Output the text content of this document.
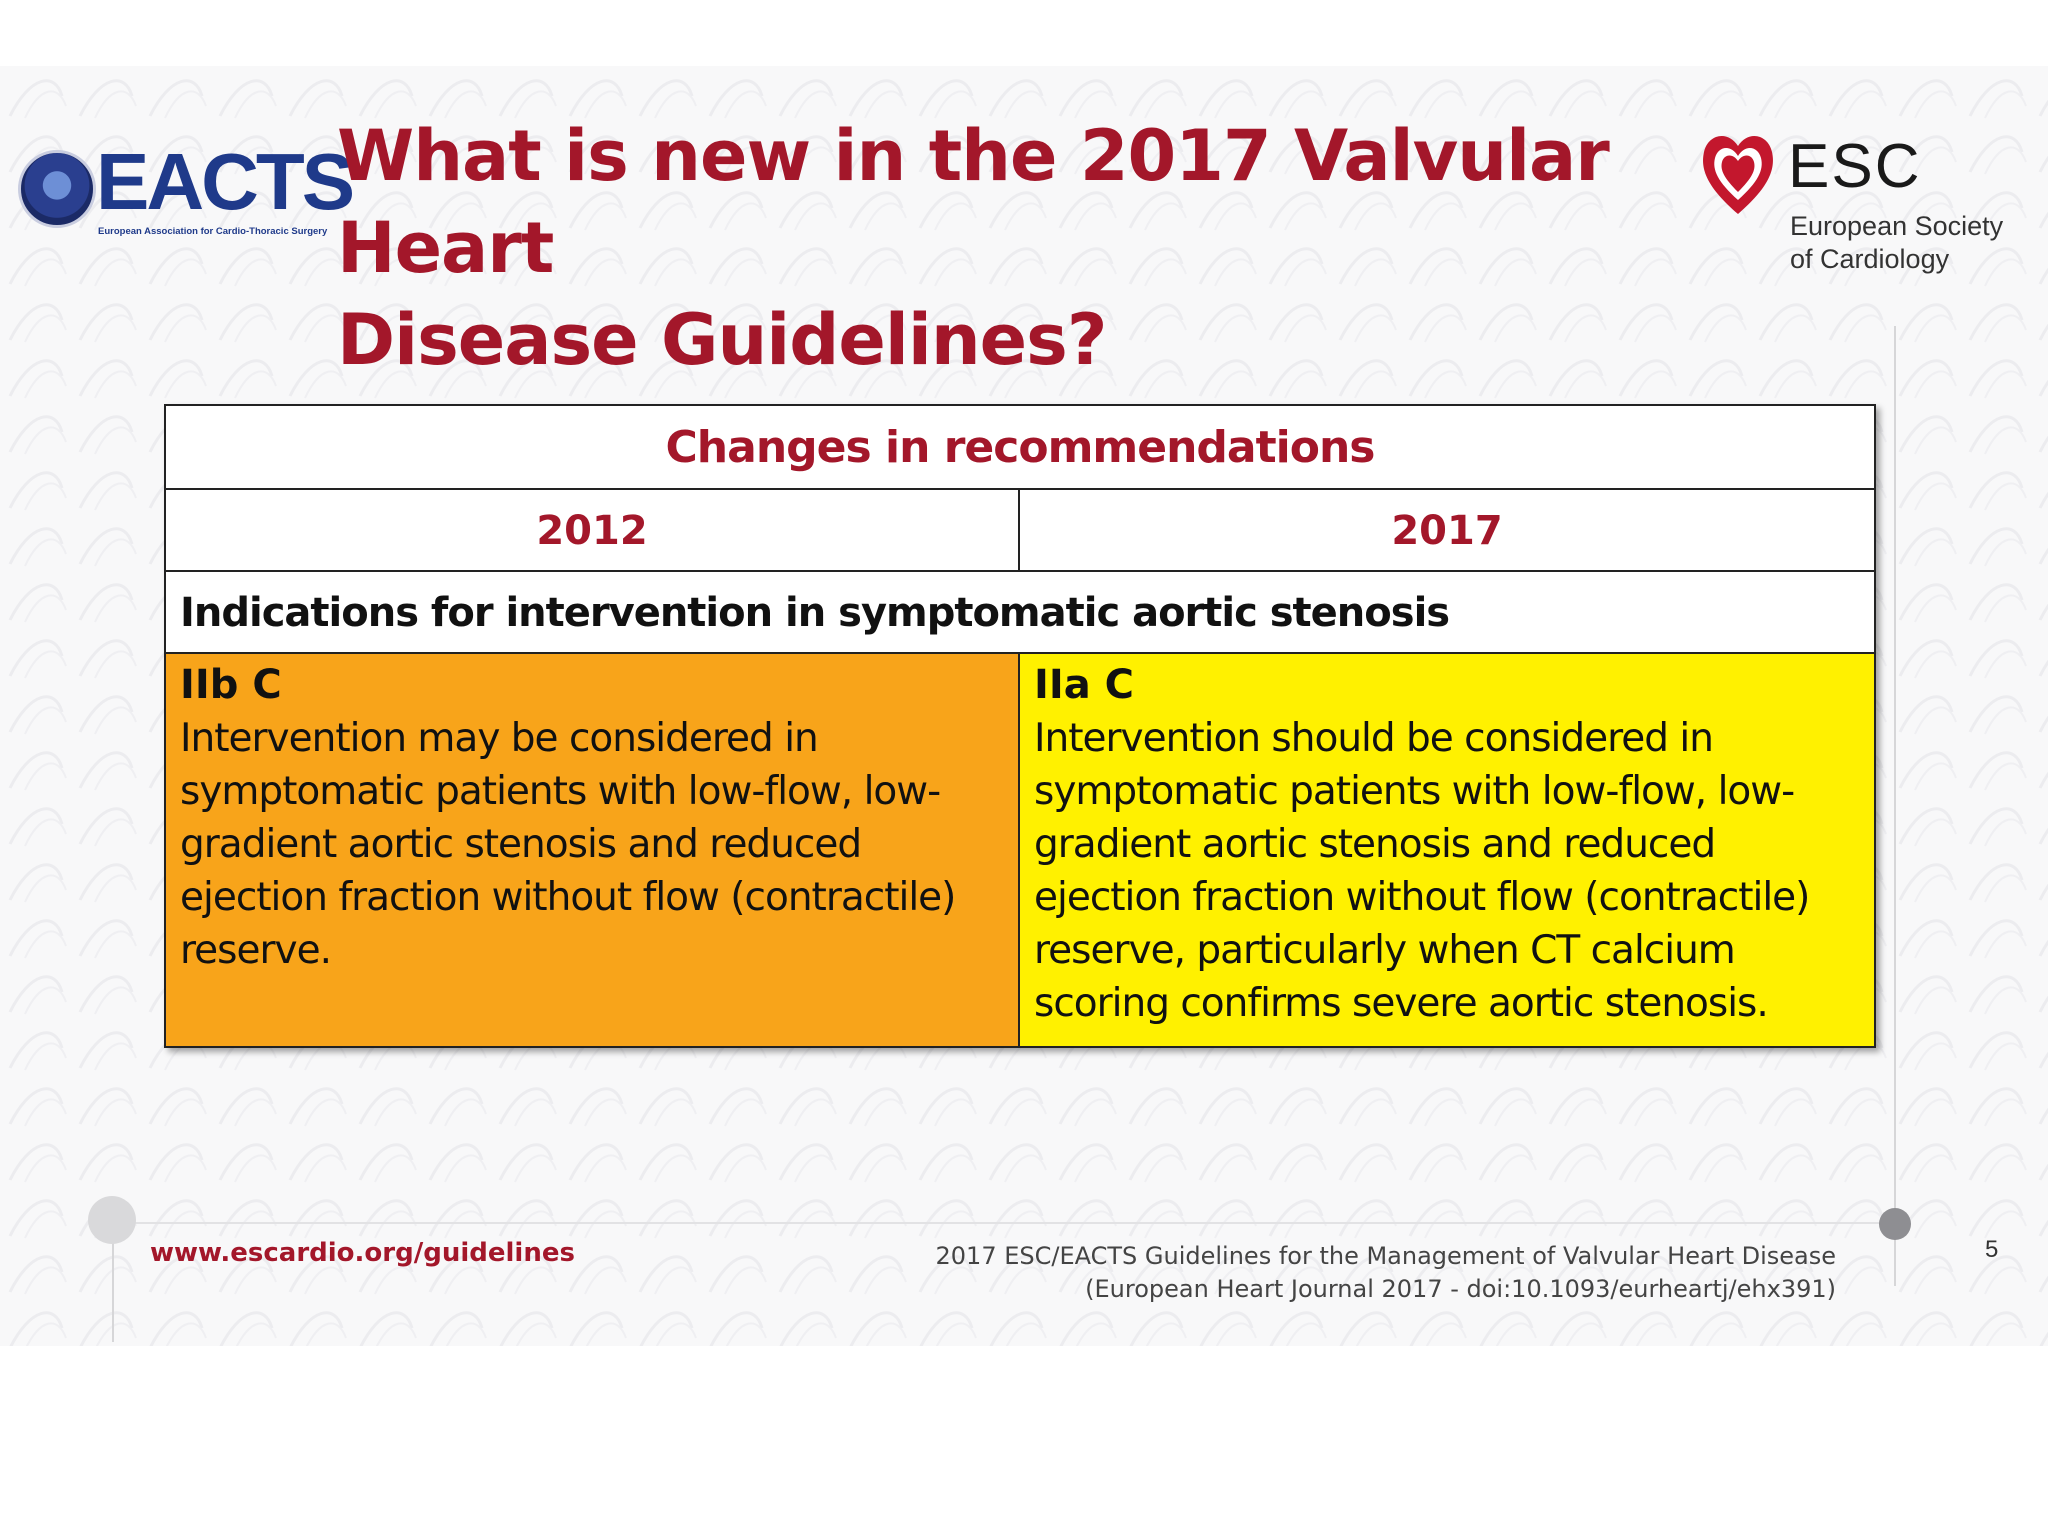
EACTS
European Association for Cardio-Thoracic Surgery
What is new in the 2017 Valvular Heart
Disease Guidelines?
ESC
European Society
of Cardiology
Changes in recommendations
2012	2017
Indications for intervention in symptomatic aortic stenosis
IIb C
Intervention may be considered in
symptomatic patients with low-flow, low-
gradient aortic stenosis and reduced
ejection fraction without flow (contractile)
reserve.
IIa C
Intervention should be considered in
symptomatic patients with low-flow, low-
gradient aortic stenosis and reduced
ejection fraction without flow (contractile)
reserve, particularly when CT calcium
scoring confirms severe aortic stenosis.
www.escardio.org/guidelines	2017 ESC/EACTS Guidelines for the Management of Valvular Heart Disease
(European Heart Journal 2017 - doi:10.1093/eurheartj/ehx391)
5
